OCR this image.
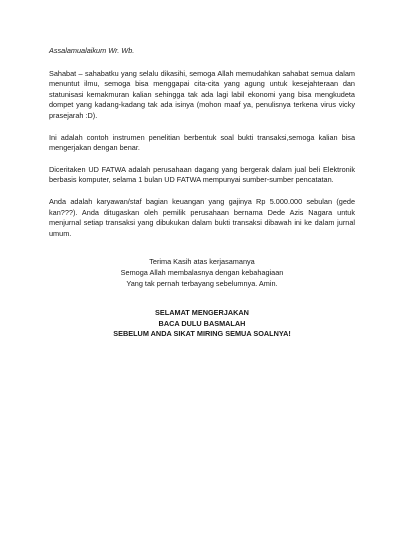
Assalamualaikum Wr. Wb.

Sahabat – sahabatku yang selalu dikasihi, semoga Allah memudahkan sahabat semua dalam menuntut ilmu, semoga bisa menggapai cita-cita yang agung untuk kesejahteraan dan statunisasi kemakmuran kalian sehingga tak ada lagi labil ekonomi yang bisa mengkudeta dompet yang kadang-kadang tak ada isinya (mohon maaf ya, penulisnya terkena virus vicky prasejarah :D).

Ini adalah contoh instrumen penelitian berbentuk soal bukti transaksi,semoga kalian bisa mengerjakan dengan benar.

Diceritaken UD FATWA adalah perusahaan dagang yang bergerak dalam jual beli Elektronik berbasis komputer, selama 1 bulan UD FATWA mempunyai sumber-sumber pencatatan.

Anda adalah karyawan/staf bagian keuangan yang gajinya Rp 5.000.000 sebulan (gede kan???). Anda ditugaskan oleh pemilik perusahaan bernama Dede Azis Nagara untuk menjurnal setiap transaksi yang dibukukan dalam bukti transaksi dibawah ini ke dalam jurnal umum.

Terima Kasih atas kerjasamanya
Semoga Allah membalasnya dengan kebahagiaan
Yang tak pernah terbayang sebelumnya. Amin.
SELAMAT MENGERJAKAN
BACA DULU BASMALAH
SEBELUM ANDA SIKAT MIRING SEMUA SOALNYA!
